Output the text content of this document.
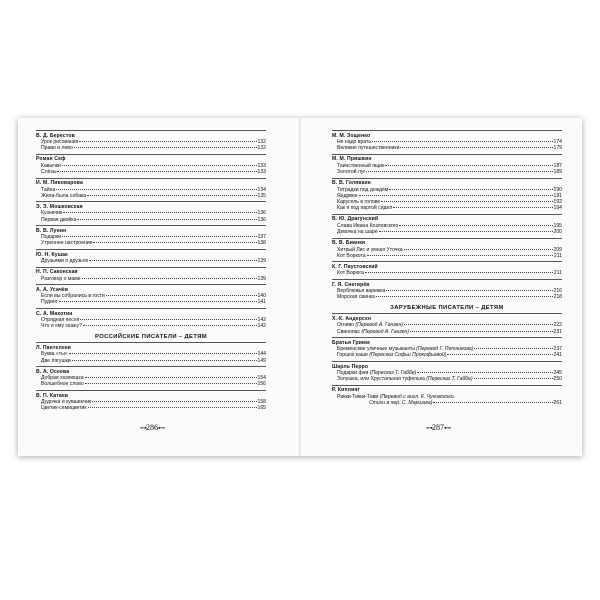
В. Д. Берестов
Урок рисования	132
Право и лево	132
Роман Сеф
Кавычки	133
Слёзы	133
И. М. Пивоварова
Тайна	134
Жила-была собака	135
Э. Э. Мошковская
Кузнечик	136
Первая двойка	136
В. В. Лунин
Подарки	137
Утреннее настроение	138
Ю. Н. Кушак
Друзьями о друзьях	139
Н. П. Саконская
Разговор о маме	139
А. А. Усачёв
Если вы собрались в гости	140
Пудинг	141
С. А. Махотин
Отрядная песня	142
Что я ему скажу?	142
РОССИЙСКИЕ ПИСАТЕЛИ – ДЕТЯМ
Л. Пантелеев
Буква «ты»	144
Две лягушки	149
В. А. Осеева
Добрая хозяюшка	154
Волшебное слово	156
В. П. Катаев
Дудочка и кувшинчик	158
Цветик-семицветик	165
М. М. Зощенко
Не надо врать	174
Великие путешественники	179
М. М. Пришвин
Таинственный ящик	187
Золотой луг	189
В. В. Голявкин
Тетрадки под дождём	190
Яндрвее	191
Карусель в голове	192
Как я под партой сидел	194
В. Ю. Драгунский
Слава Ивана Козловского	195
Девочка на шаре	200
В. В. Бианки
Хитрый Лис и умная Уточка	209
Кот Воркота	211
К. Г. Паустовский
Кот Ворюга	211
Г. Я. Снегирёв
Верблюжья варежка	216
Морская свинка	218
ЗАРУБЕЖНЫЕ ПИСАТЕЛИ – ДЕТЯМ
Х.-К. Андерсен
Огниво (Перевод А. Ганзен)	222
Свинопас (Перевод А. Ганзен)	231
Братья Гримм
Бременские уличные музыканты (Перевод Г. Петникова)	237
Горшок каши (Пересказ Софьи Прокофьевой)	241
Шарль Перро
Подарки феи (Пересказ Т. Габбе)	245
Золушка, или Хрустальная туфелька (Пересказ Т. Габбе)	250
Р. Киплинг
Рикки-Тикки-Тави (Перевод с англ. К. Чуковского.
Стихи в пер. С. Маршака)	261
⊶ 286 ⊷	⊶ 287 ⊷
